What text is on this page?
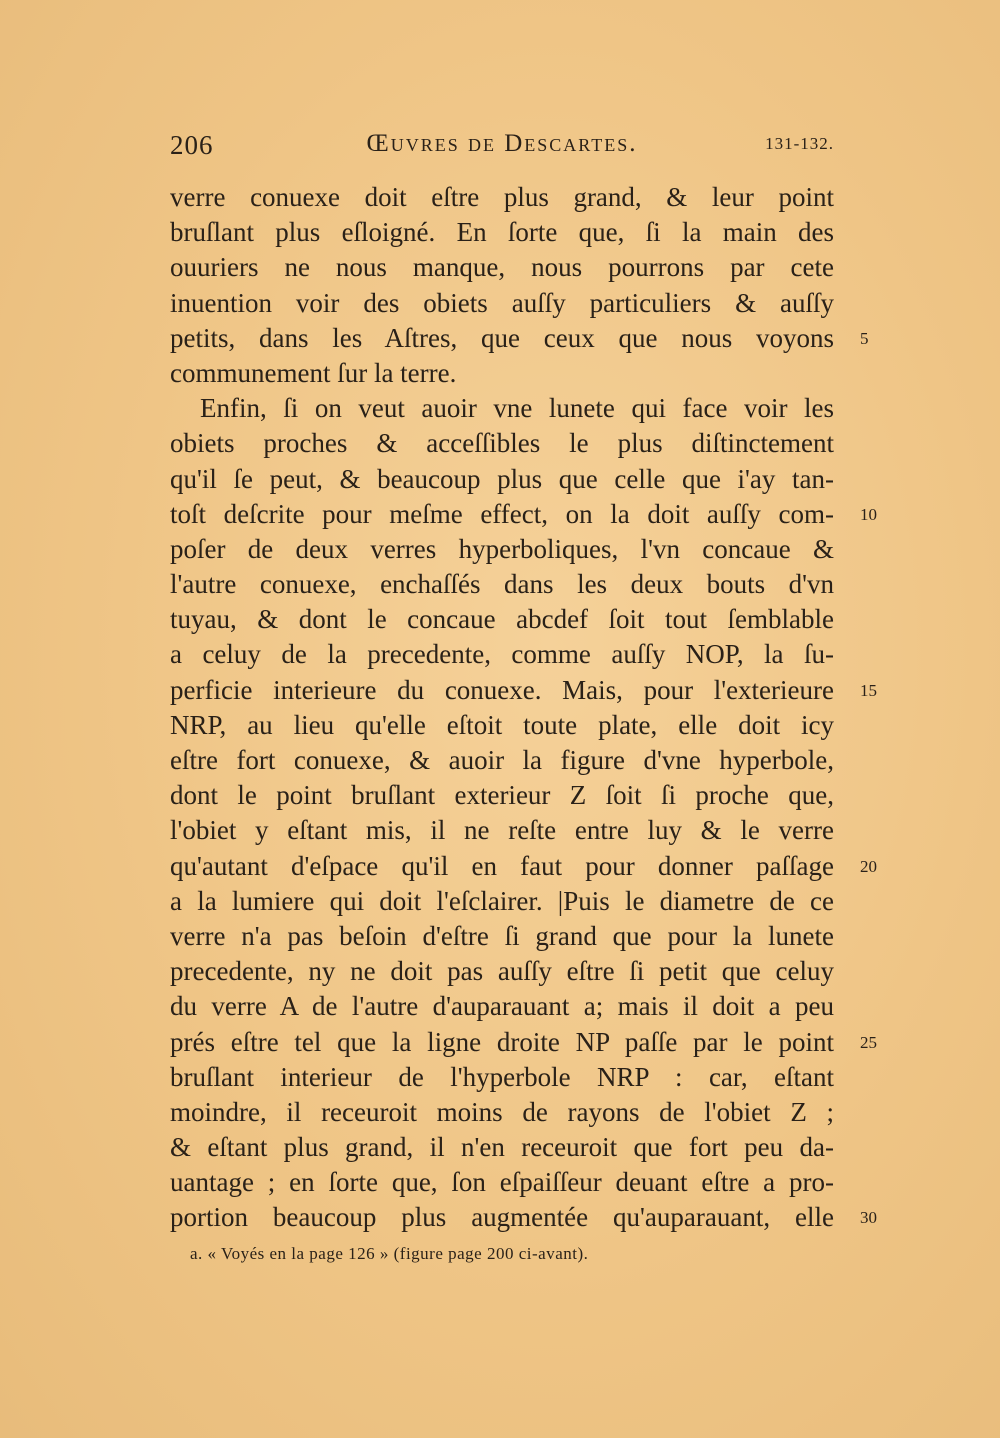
206	Œuvres de Descartes.	131-132.
verre conuexe doit eſtre plus grand, & leur point
bruſlant plus eſloigné. En ſorte que, ſi la main des
ouuriers ne nous manque, nous pourrons par cete
inuention voir des obiets auſſy particuliers & auſſy
petits, dans les Aſtres, que ceux que nous voyons 5
communement ſur la terre.
Enfin, ſi on veut auoir vne lunete qui face voir les
obiets proches & acceſſibles le plus diſtinctement
qu'il ſe peut, & beaucoup plus que celle que i'ay tan-
toſt deſcrite pour meſme effect, on la doit auſſy com- 10
poſer de deux verres hyperboliques, l'vn concaue &
l'autre conuexe, enchaſſés dans les deux bouts d'vn
tuyau, & dont le concaue abcdef ſoit tout ſemblable
a celuy de la precedente, comme auſſy NOP, la ſu-
perficie interieure du conuexe. Mais, pour l'exterieure 15
NRP, au lieu qu'elle eſtoit toute plate, elle doit icy
eſtre fort conuexe, & auoir la figure d'vne hyperbole,
dont le point bruſlant exterieur Z ſoit ſi proche que,
l'obiet y eſtant mis, il ne reſte entre luy & le verre
qu'autant d'eſpace qu'il en faut pour donner paſſage 20
a la lumiere qui doit l'eſclairer. |Puis le diametre de ce
verre n'a pas beſoin d'eſtre ſi grand que pour la lunete
precedente, ny ne doit pas auſſy eſtre ſi petit que celuy
du verre A de l'autre d'auparauant a; mais il doit a peu
prés eſtre tel que la ligne droite NP paſſe par le point 25
bruſlant interieur de l'hyperbole NRP : car, eſtant
moindre, il receuroit moins de rayons de l'obiet Z ;
& eſtant plus grand, il n'en receuroit que fort peu da-
uantage ; en ſorte que, ſon eſpaiſſeur deuant eſtre a pro-
portion beaucoup plus augmentée qu'auparauant, elle 30
a. « Voyés en la page 126 » (figure page 200 ci-avant).
